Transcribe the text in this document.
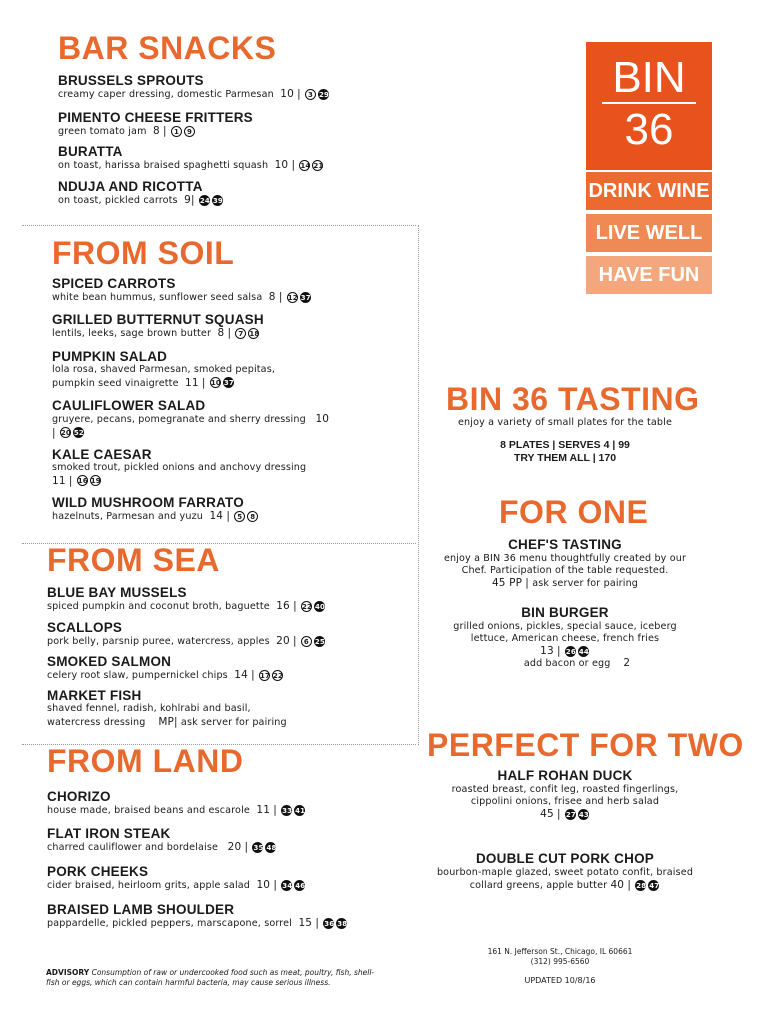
BAR SNACKS
BRUSSELS SPROUTS
creamy caper dressing, domestic Parmesan 10 | 3 29
PIMENTO CHEESE FRITTERS
green tomato jam 8 | 1 9
BURATTA
on toast, harissa braised spaghetti squash 10 | 14 21
NDUJA AND RICOTTA
on toast, pickled carrots 9| 24 39
FROM SOIL
SPICED CARROTS
white bean hummus, sunflower seed salsa 8 | 12 37
GRILLED BUTTERNUT SQUASH
lentils, leeks, sage brown butter 8 | 7 18
PUMPKIN SALAD
lola rosa, shaved Parmesan, smoked pepitas,
pumpkin seed vinaigrette 11 | 10 37
CAULIFLOWER SALAD
gruyere, pecans, pomegranate and sherry dressing 10
| 20 52
KALE CAESAR
smoked trout, pickled onions and anchovy dressing
11 | 16 19
WILD MUSHROOM FARRATO
hazelnuts, Parmesan and yuzu 14 | 5 8
FROM SEA
BLUE BAY MUSSELS
spiced pumpkin and coconut broth, baguette 16 | 22 40
SCALLOPS
pork belly, parsnip puree, watercress, apples 20 | 6 25
SMOKED SALMON
celery root slaw, pumpernickel chips 14 | 17 22
MARKET FISH
shaved fennel, radish, kohlrabi and basil,
watercress dressing MP| ask server for pairing
FROM LAND
CHORIZO
house made, braised beans and escarole 11 | 33 41
FLAT IRON STEAK
charred cauliflower and bordelaise 20 | 35 48
PORK CHEEKS
cider braised, heirloom grits, apple salad 10 | 34 46
BRAISED LAMB SHOULDER
pappardelle, pickled peppers, marscapone, sorrel 15 | 36 38
ADVISORY Consumption of raw or undercooked food such as meat, poultry, fish, shell-
fish or eggs, which can contain harmful bacteria, may cause serious illness.
BIN
36
DRINK WINE
LIVE WELL
HAVE FUN
BIN 36 TASTING
enjoy a variety of small plates for the table
8 PLATES | SERVES 4 | 99
TRY THEM ALL | 170
FOR ONE
CHEF'S TASTING
enjoy a BIN 36 menu thoughtfully created by our
Chef. Participation of the table requested.
45 PP | ask server for pairing
BIN BURGER
grilled onions, pickles, special sauce, iceberg
lettuce, American cheese, french fries
13 | 26 44
add bacon or egg 2
PERFECT FOR TWO
HALF ROHAN DUCK
roasted breast, confit leg, roasted fingerlings,
cippolini onions, frisee and herb salad
45 | 27 43
DOUBLE CUT PORK CHOP
bourbon-maple glazed, sweet potato confit, braised
collard greens, apple butter 40 | 28 47
161 N. Jefferson St., Chicago, IL 60661
(312) 995-6560
UPDATED 10/8/16
